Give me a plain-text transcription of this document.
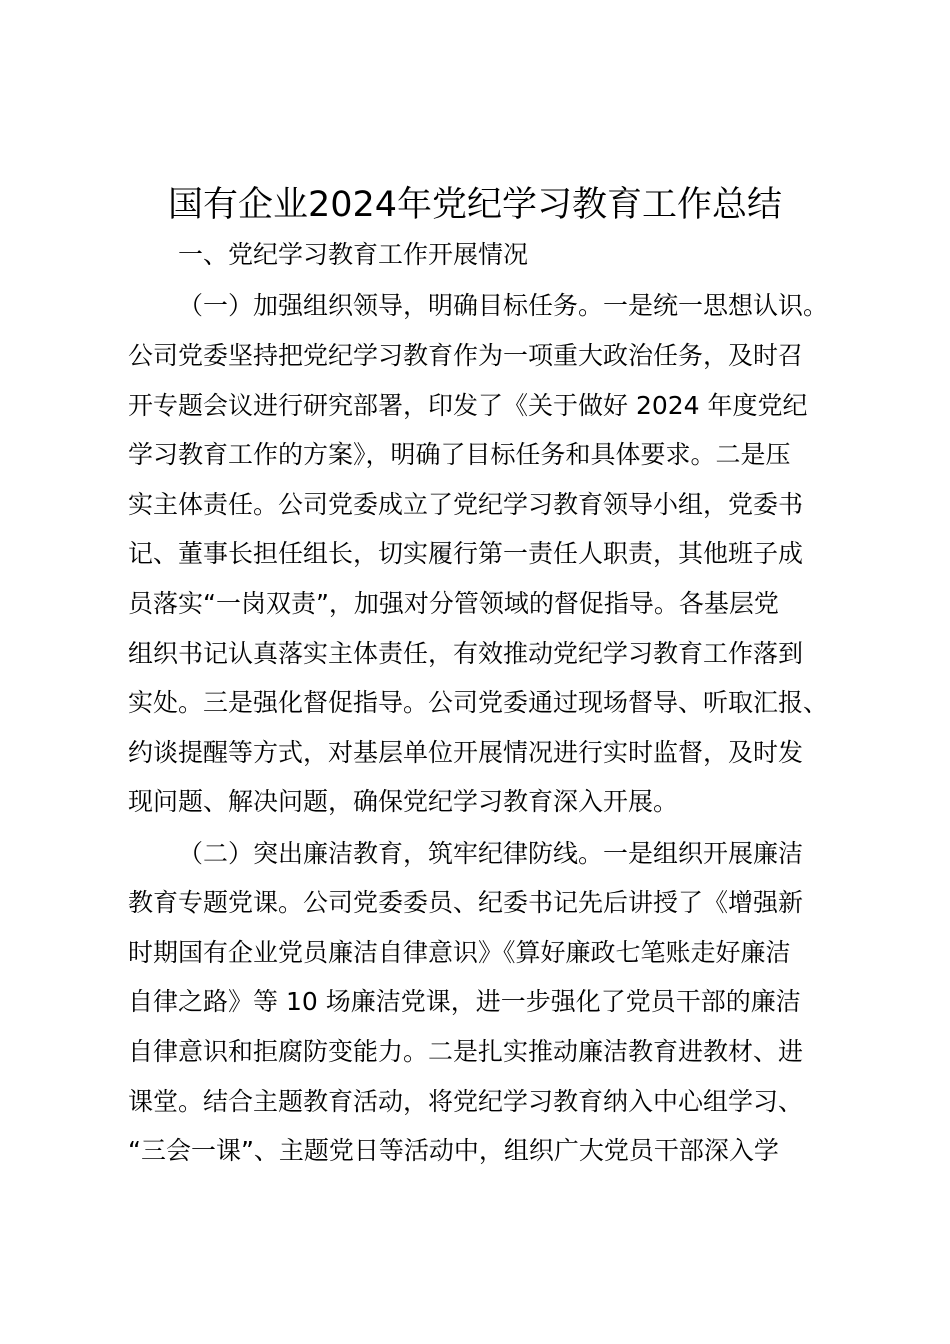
国有企业2024年党纪学习教育工作总结

一、党纪学习教育工作开展情况

（一）加强组织领导，明确目标任务。一是统一思想认识。

公司党委坚持把党纪学习教育作为一项重大政治任务，及时召

开专题会议进行研究部署，印发了《关于做好 2024 年度党纪

学习教育工作的方案》，明确了目标任务和具体要求。二是压

实主体责任。公司党委成立了党纪学习教育领导小组，党委书

记、董事长担任组长，切实履行第一责任人职责，其他班子成

员落实“一岗双责”，加强对分管领域的督促指导。各基层党

组织书记认真落实主体责任，有效推动党纪学习教育工作落到

实处。三是强化督促指导。公司党委通过现场督导、听取汇报、

约谈提醒等方式，对基层单位开展情况进行实时监督，及时发

现问题、解决问题，确保党纪学习教育深入开展。

（二）突出廉洁教育，筑牢纪律防线。一是组织开展廉洁

教育专题党课。公司党委委员、纪委书记先后讲授了《增强新

时期国有企业党员廉洁自律意识》《算好廉政七笔账走好廉洁

自律之路》等 10 场廉洁党课，进一步强化了党员干部的廉洁

自律意识和拒腐防变能力。二是扎实推动廉洁教育进教材、进

课堂。结合主题教育活动，将党纪学习教育纳入中心组学习、

“三会一课”、主题党日等活动中，组织广大党员干部深入学
